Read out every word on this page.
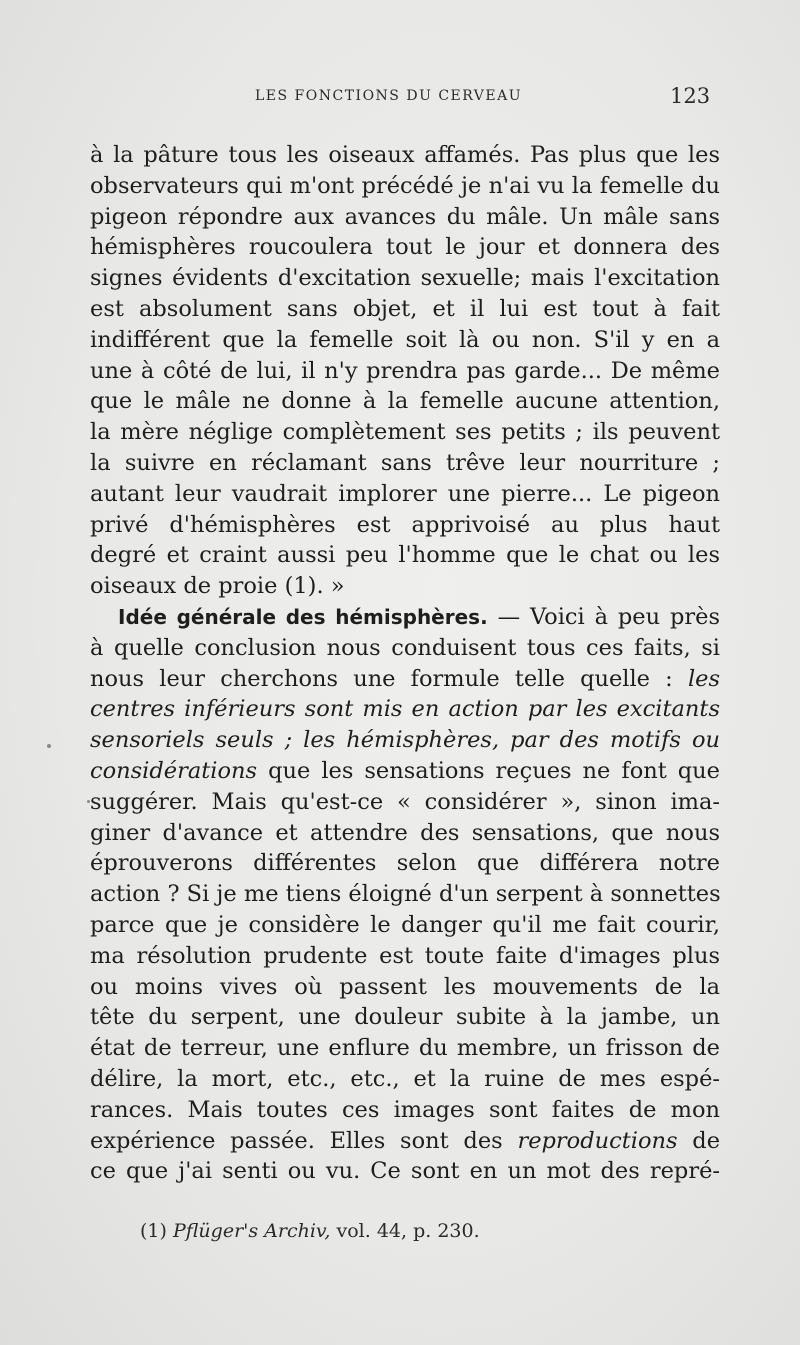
LES FONCTIONS DU CERVEAU	123
à la pâture tous les oiseaux affamés. Pas plus que les
observateurs qui m'ont précédé je n'ai vu la femelle du
pigeon répondre aux avances du mâle. Un mâle sans
hémisphères roucoulera tout le jour et donnera des
signes évidents d'excitation sexuelle; mais l'excitation
est absolument sans objet, et il lui est tout à fait
indifférent que la femelle soit là ou non. S'il y en a
une à côté de lui, il n'y prendra pas garde... De même
que le mâle ne donne à la femelle aucune attention,
la mère néglige complètement ses petits ; ils peuvent
la suivre en réclamant sans trêve leur nourriture ;
autant leur vaudrait implorer une pierre... Le pigeon
privé d'hémisphères est apprivoisé au plus haut
degré et craint aussi peu l'homme que le chat ou les
oiseaux de proie (1). »
Idée générale des hémisphères. — Voici à peu près
à quelle conclusion nous conduisent tous ces faits, si
nous leur cherchons une formule telle quelle : les
centres inférieurs sont mis en action par les excitants
sensoriels seuls ; les hémisphères, par des motifs ou
considérations que les sensations reçues ne font que
suggérer. Mais qu'est-ce « considérer », sinon ima-
giner d'avance et attendre des sensations, que nous
éprouverons différentes selon que différera notre
action ? Si je me tiens éloigné d'un serpent à sonnettes
parce que je considère le danger qu'il me fait courir,
ma résolution prudente est toute faite d'images plus
ou moins vives où passent les mouvements de la
tête du serpent, une douleur subite à la jambe, un
état de terreur, une enflure du membre, un frisson de
délire, la mort, etc., etc., et la ruine de mes espé-
rances. Mais toutes ces images sont faites de mon
expérience passée. Elles sont des reproductions de
ce que j'ai senti ou vu. Ce sont en un mot des repré-
(1) Pflüger's Archiv, vol. 44, p. 230.
